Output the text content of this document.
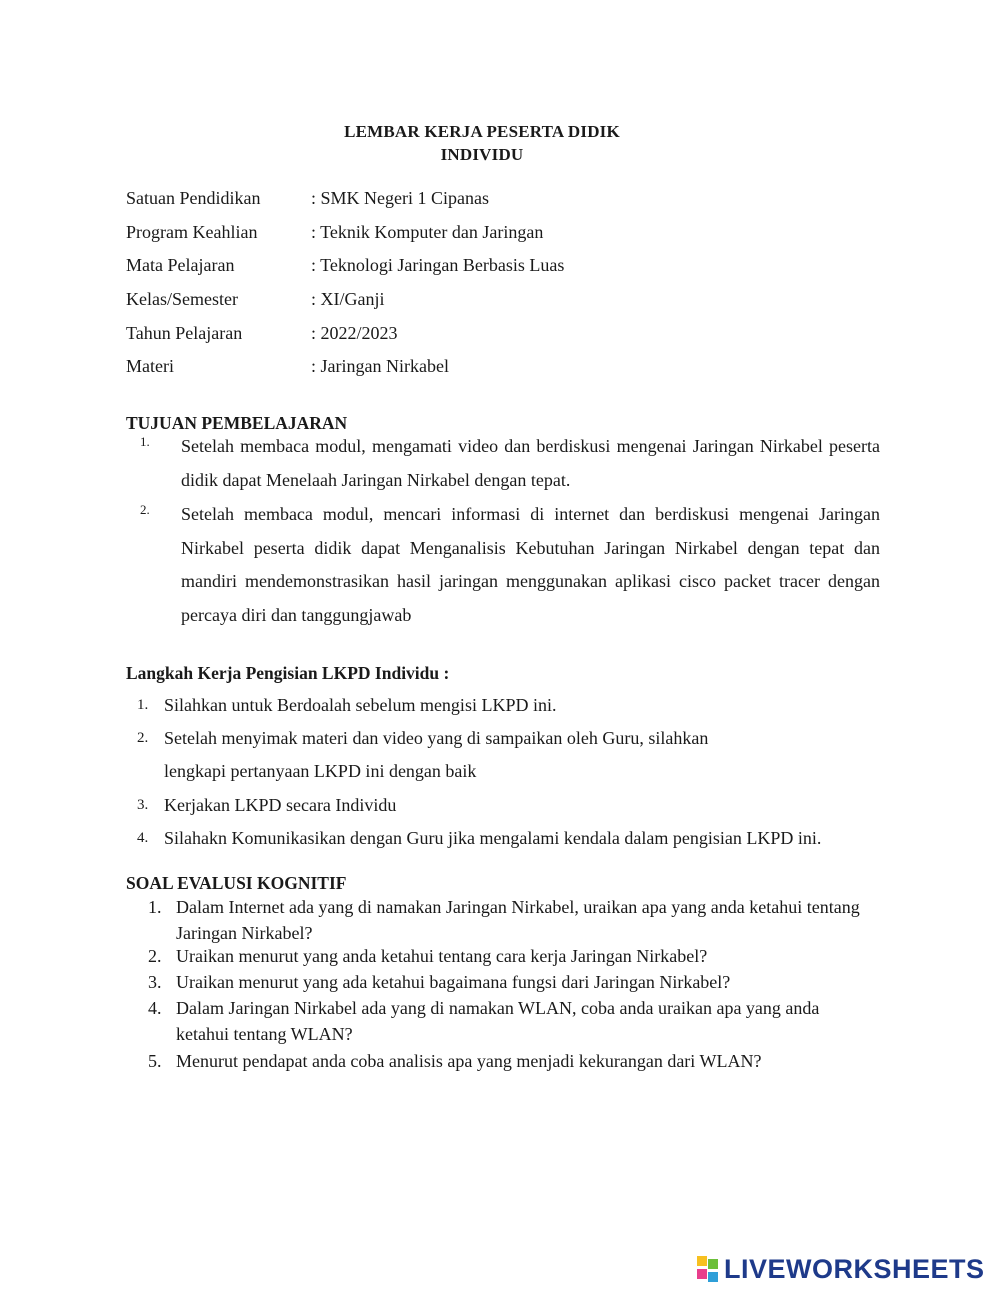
LEMBAR KERJA PESERTA DIDIK
INDIVIDU
Satuan Pendidikan	: SMK Negeri 1 Cipanas
Program Keahlian	: Teknik Komputer dan Jaringan
Mata Pelajaran	: Teknologi Jaringan Berbasis Luas
Kelas/Semester	: XI/Ganji
Tahun Pelajaran	: 2022/2023
Materi	: Jaringan Nirkabel
TUJUAN PEMBELAJARAN
1. Setelah membaca modul, mengamati video dan berdiskusi mengenai Jaringan Nirkabel peserta didik dapat Menelaah Jaringan Nirkabel dengan tepat.
2. Setelah membaca modul, mencari informasi di internet dan berdiskusi mengenai Jaringan Nirkabel peserta didik dapat Menganalisis Kebutuhan Jaringan Nirkabel dengan tepat dan mandiri mendemonstrasikan hasil jaringan menggunakan aplikasi cisco packet tracer dengan percaya diri dan tanggungjawab
Langkah Kerja Pengisian LKPD Individu :
1. Silahkan untuk Berdoalah sebelum mengisi LKPD ini.
2. Setelah menyimak materi dan video yang di sampaikan oleh Guru, silahkan
lengkapi pertanyaan LKPD ini dengan baik
3. Kerjakan LKPD secara Individu
4. Silahakn Komunikasikan dengan Guru jika mengalami kendala dalam pengisian LKPD ini.
SOAL EVALUSI KOGNITIF
1. Dalam Internet ada yang di namakan Jaringan Nirkabel, uraikan apa yang anda ketahui tentang Jaringan Nirkabel?
2. Uraikan menurut yang anda ketahui tentang cara kerja Jaringan Nirkabel?
3. Uraikan menurut yang ada ketahui bagaimana fungsi dari Jaringan Nirkabel?
4. Dalam Jaringan Nirkabel ada yang di namakan WLAN, coba anda uraikan apa yang anda ketahui tentang WLAN?
5. Menurut pendapat anda coba analisis apa yang menjadi kekurangan dari WLAN?
LIVEWORKSHEETS
